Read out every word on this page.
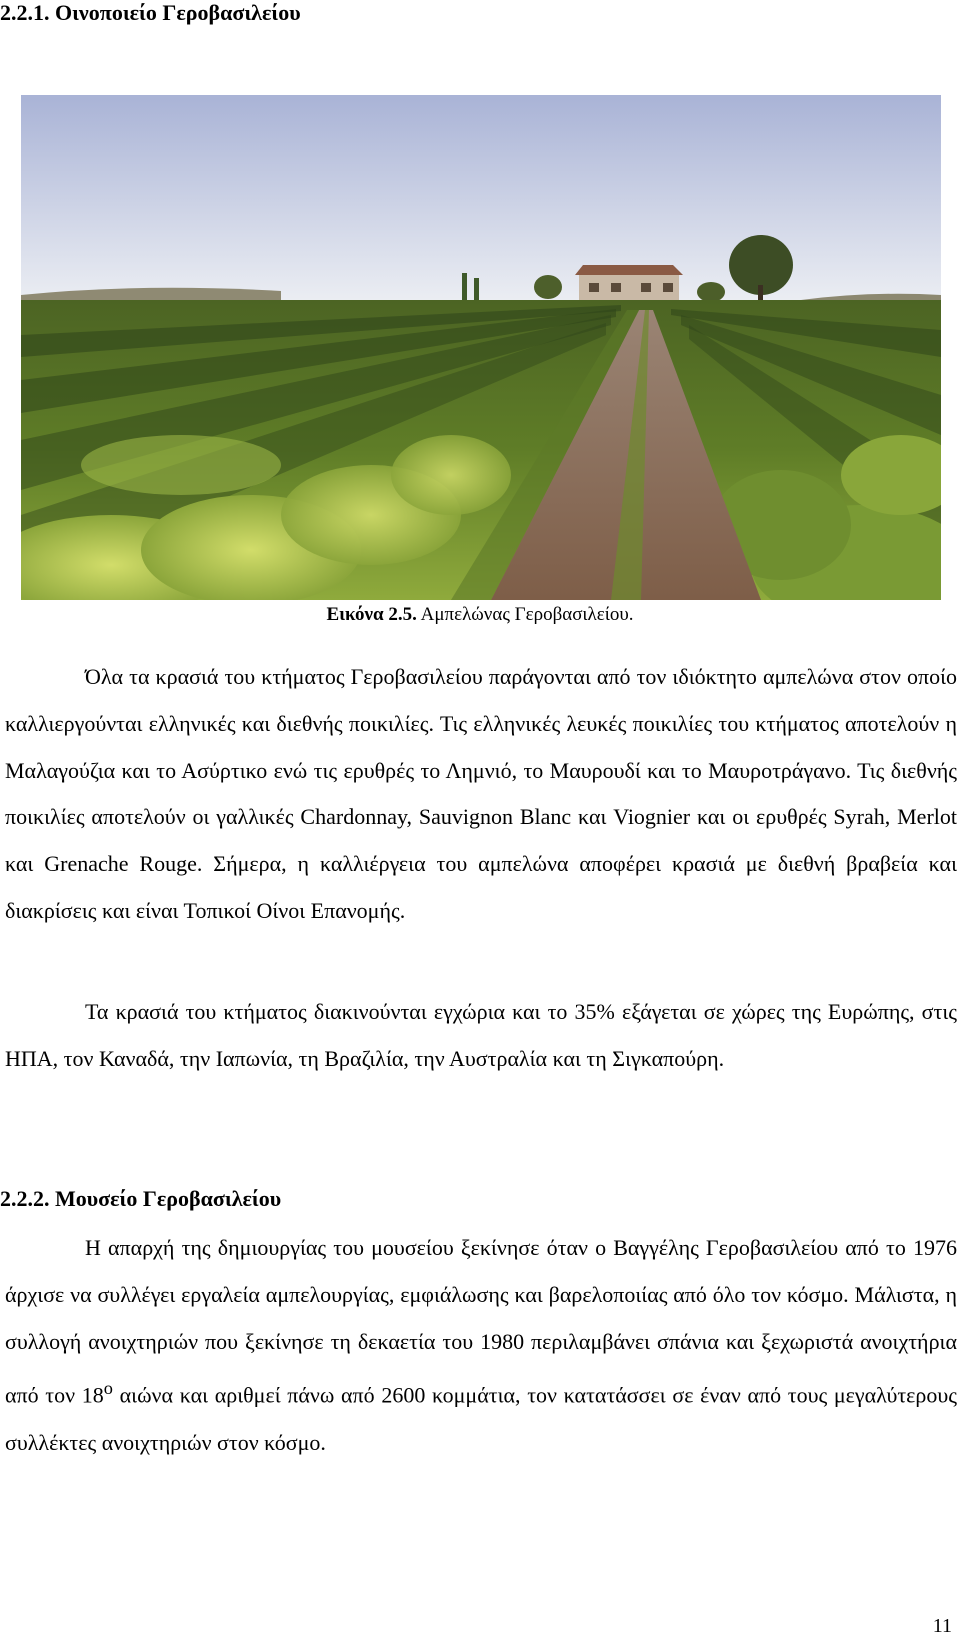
2.2.1. Οινοποιείο Γεροβασιλείου
Εικόνα 2.5. Αμπελώνας Γεροβασιλείου.

Όλα τα κρασιά του κτήματος Γεροβασιλείου παράγονται από τον ιδιόκτητο αμπελώνα στον οποίο καλλιεργούνται ελληνικές και διεθνής ποικιλίες. Τις ελληνικές λευκές ποικιλίες του κτήματος αποτελούν η Μαλαγούζια και το Ασύρτικο ενώ τις ερυθρές το Λημνιό, το Μαυρουδί και το Μαυροτράγανο. Τις διεθνής ποικιλίες αποτελούν οι γαλλικές Chardonnay, Sauvignon Blanc και Viognier και οι ερυθρές Syrah, Merlot και Grenache Rouge. Σήμερα, η καλλιέργεια του αμπελώνα αποφέρει κρασιά με διεθνή βραβεία και διακρίσεις και είναι Τοπικοί Οίνοι Επανομής.

Τα κρασιά του κτήματος διακινούνται εγχώρια και το 35% εξάγεται σε χώρες της Ευρώπης, στις ΗΠΑ, τον Καναδά, την Ιαπωνία, τη Βραζιλία, την Αυστραλία και τη Σιγκαπούρη.

2.2.2. Μουσείο Γεροβασιλείου

Η απαρχή της δημιουργίας του μουσείου ξεκίνησε όταν ο Βαγγέλης Γεροβασιλείου από το 1976 άρχισε να συλλέγει εργαλεία αμπελουργίας, εμφιάλωσης και βαρελοποιίας από όλο τον κόσμο. Μάλιστα, η συλλογή ανοιχτηριών που ξεκίνησε τη δεκαετία του 1980 περιλαμβάνει σπάνια και ξεχωριστά ανοιχτήρια από τον $18^o$ αιώνα και αριθμεί πάνω από 2600 κομμάτια, τον κατατάσσει σε έναν από τους μεγαλύτερους συλλέκτες ανοιχτηριών στον κόσμο.

11
